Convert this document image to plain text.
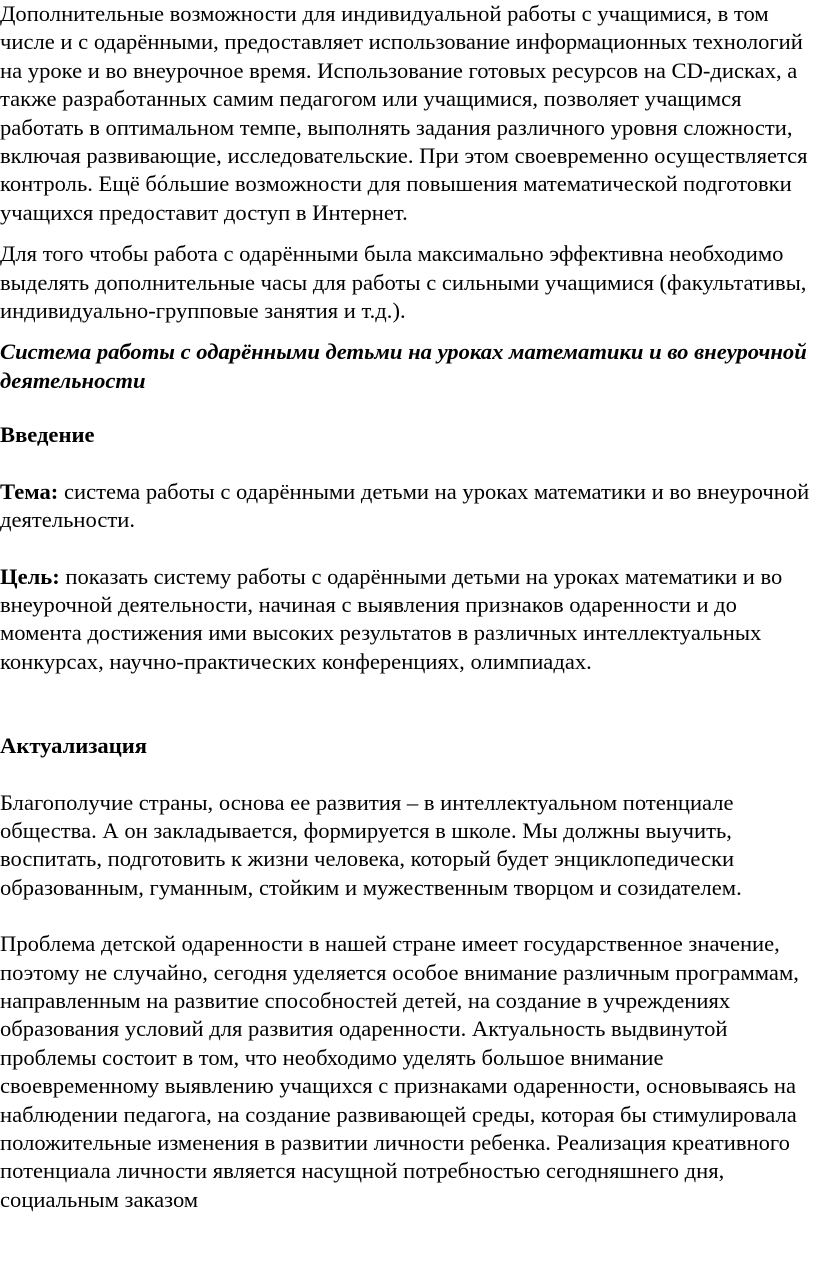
Дополнительные возможности для индивидуальной работы с учащимися, в том числе и с одарёнными, предоставляет использование информационных технологий на уроке и во внеурочное время. Использование готовых ресурсов на CD-дисках, а также разработанных самим педагогом или учащимися, позволяет учащимся работать в оптимальном темпе, выполнять задания различного уровня сложности, включая развивающие, исследовательские. При этом своевременно осуществляется контроль. Ещё бóльшие возможности для повышения математической подготовки учащихся предоставит доступ в Интернет.

Для того чтобы работа с одарёнными была максимально эффективна необходимо выделять дополнительные часы для работы с сильными учащимися (факультативы, индивидуально-групповые занятия и т.д.).

Система работы с одарёнными детьми на уроках математики и во внеурочной деятельности

Введение

Тема: система работы с одарёнными детьми на уроках математики и во внеурочной деятельности.

Цель: показать систему работы с одарёнными детьми на уроках математики и во внеурочной деятельности, начиная с выявления признаков одаренности и до момента достижения ими высоких результатов в различных интеллектуальных конкурсах, научно-практических конференциях, олимпиадах.

Актуализация

Благополучие страны, основа ее развития – в интеллектуальном потенциале общества. А он закладывается, формируется в школе. Мы должны выучить, воспитать, подготовить к жизни человека, который будет энциклопедически образованным, гуманным, стойким и мужественным творцом и созидателем.

Проблема детской одаренности в нашей стране имеет государственное значение, поэтому не случайно, сегодня уделяется особое внимание различным программам, направленным на развитие способностей детей, на создание в учреждениях образования условий для развития одаренности. Актуальность выдвинутой проблемы состоит в том, что необходимо уделять большое внимание своевременному выявлению учащихся с признаками одаренности, основываясь на наблюдении педагога, на создание развивающей среды, которая бы стимулировала положительные изменения в развитии личности ребенка. Реализация креативного потенциала личности является насущной потребностью сегодняшнего дня, социальным заказом
